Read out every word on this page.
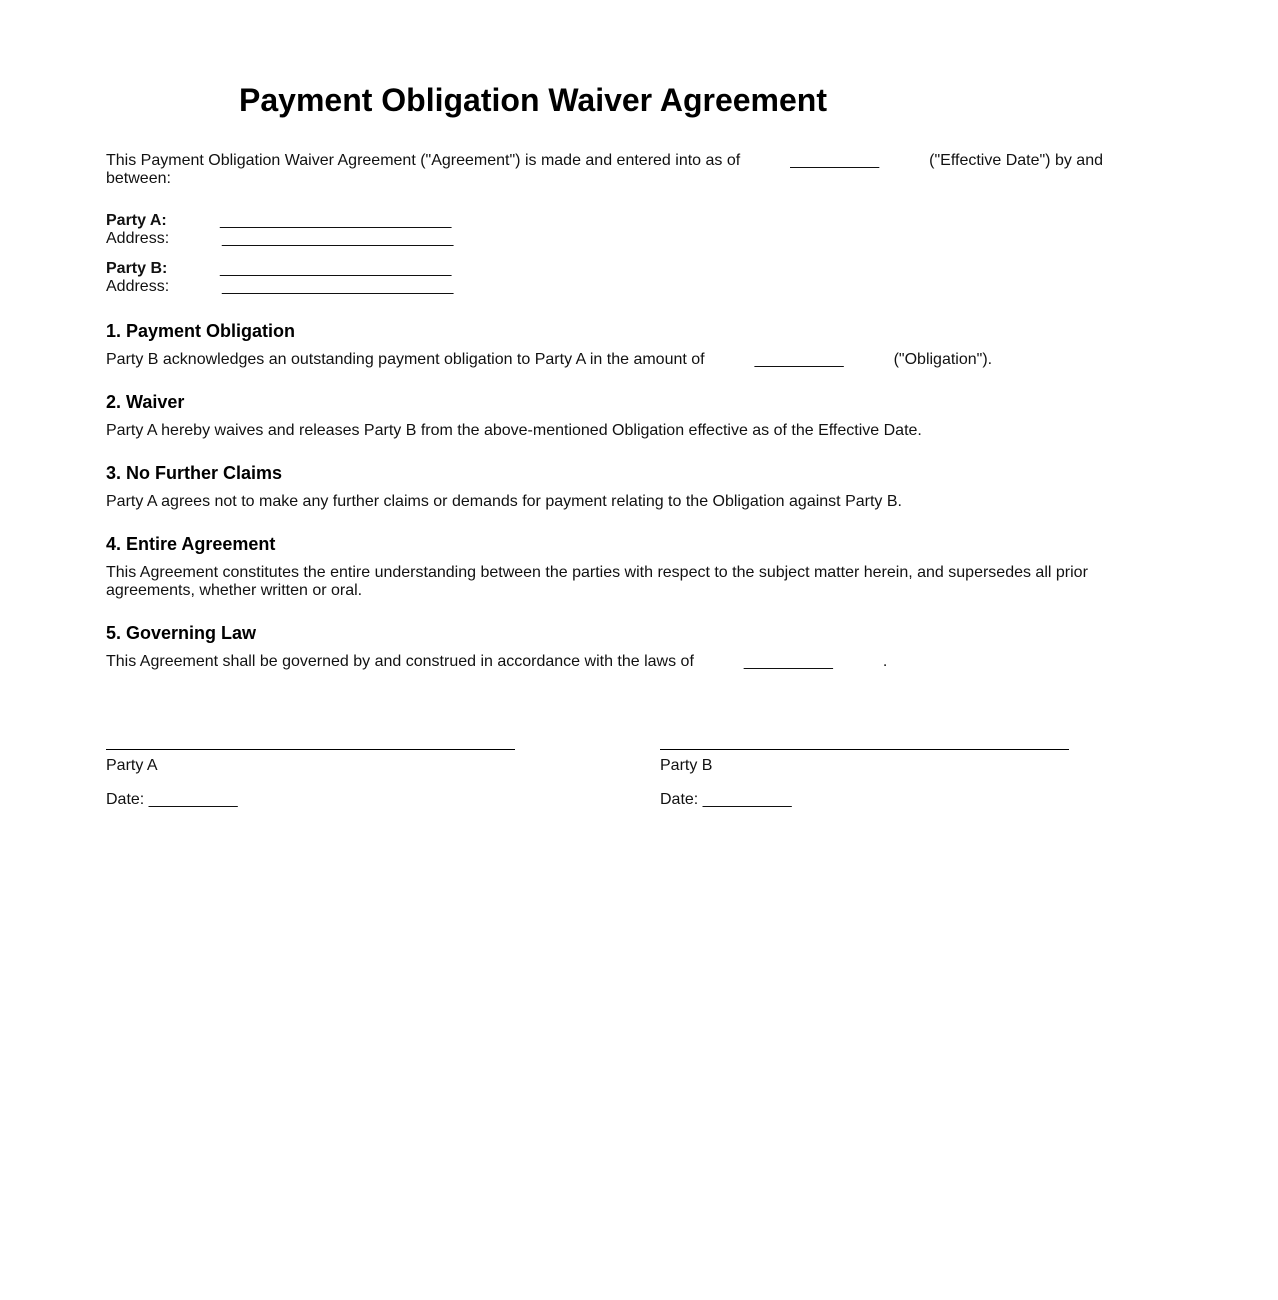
Payment Obligation Waiver Agreement

This Payment Obligation Waiver Agreement ("Agreement") is made and entered into as of	__________	("Effective Date") by and between:

Party A:	__________________________
Address:	__________________________
Party B:	__________________________
Address:	__________________________
1. Payment Obligation

Party B acknowledges an outstanding payment obligation to Party A in the amount of	__________	("Obligation").

2. Waiver

Party A hereby waives and releases Party B from the above-mentioned Obligation effective as of the Effective Date.

3. No Further Claims

Party A agrees not to make any further claims or demands for payment relating to the Obligation against Party B.

4. Entire Agreement

This Agreement constitutes the entire understanding between the parties with respect to the subject matter herein, and supersedes all prior agreements, whether written or oral.

5. Governing Law

This Agreement shall be governed by and construed in accordance with the laws of	__________	.

Party A
Date: __________
Party B
Date: __________
